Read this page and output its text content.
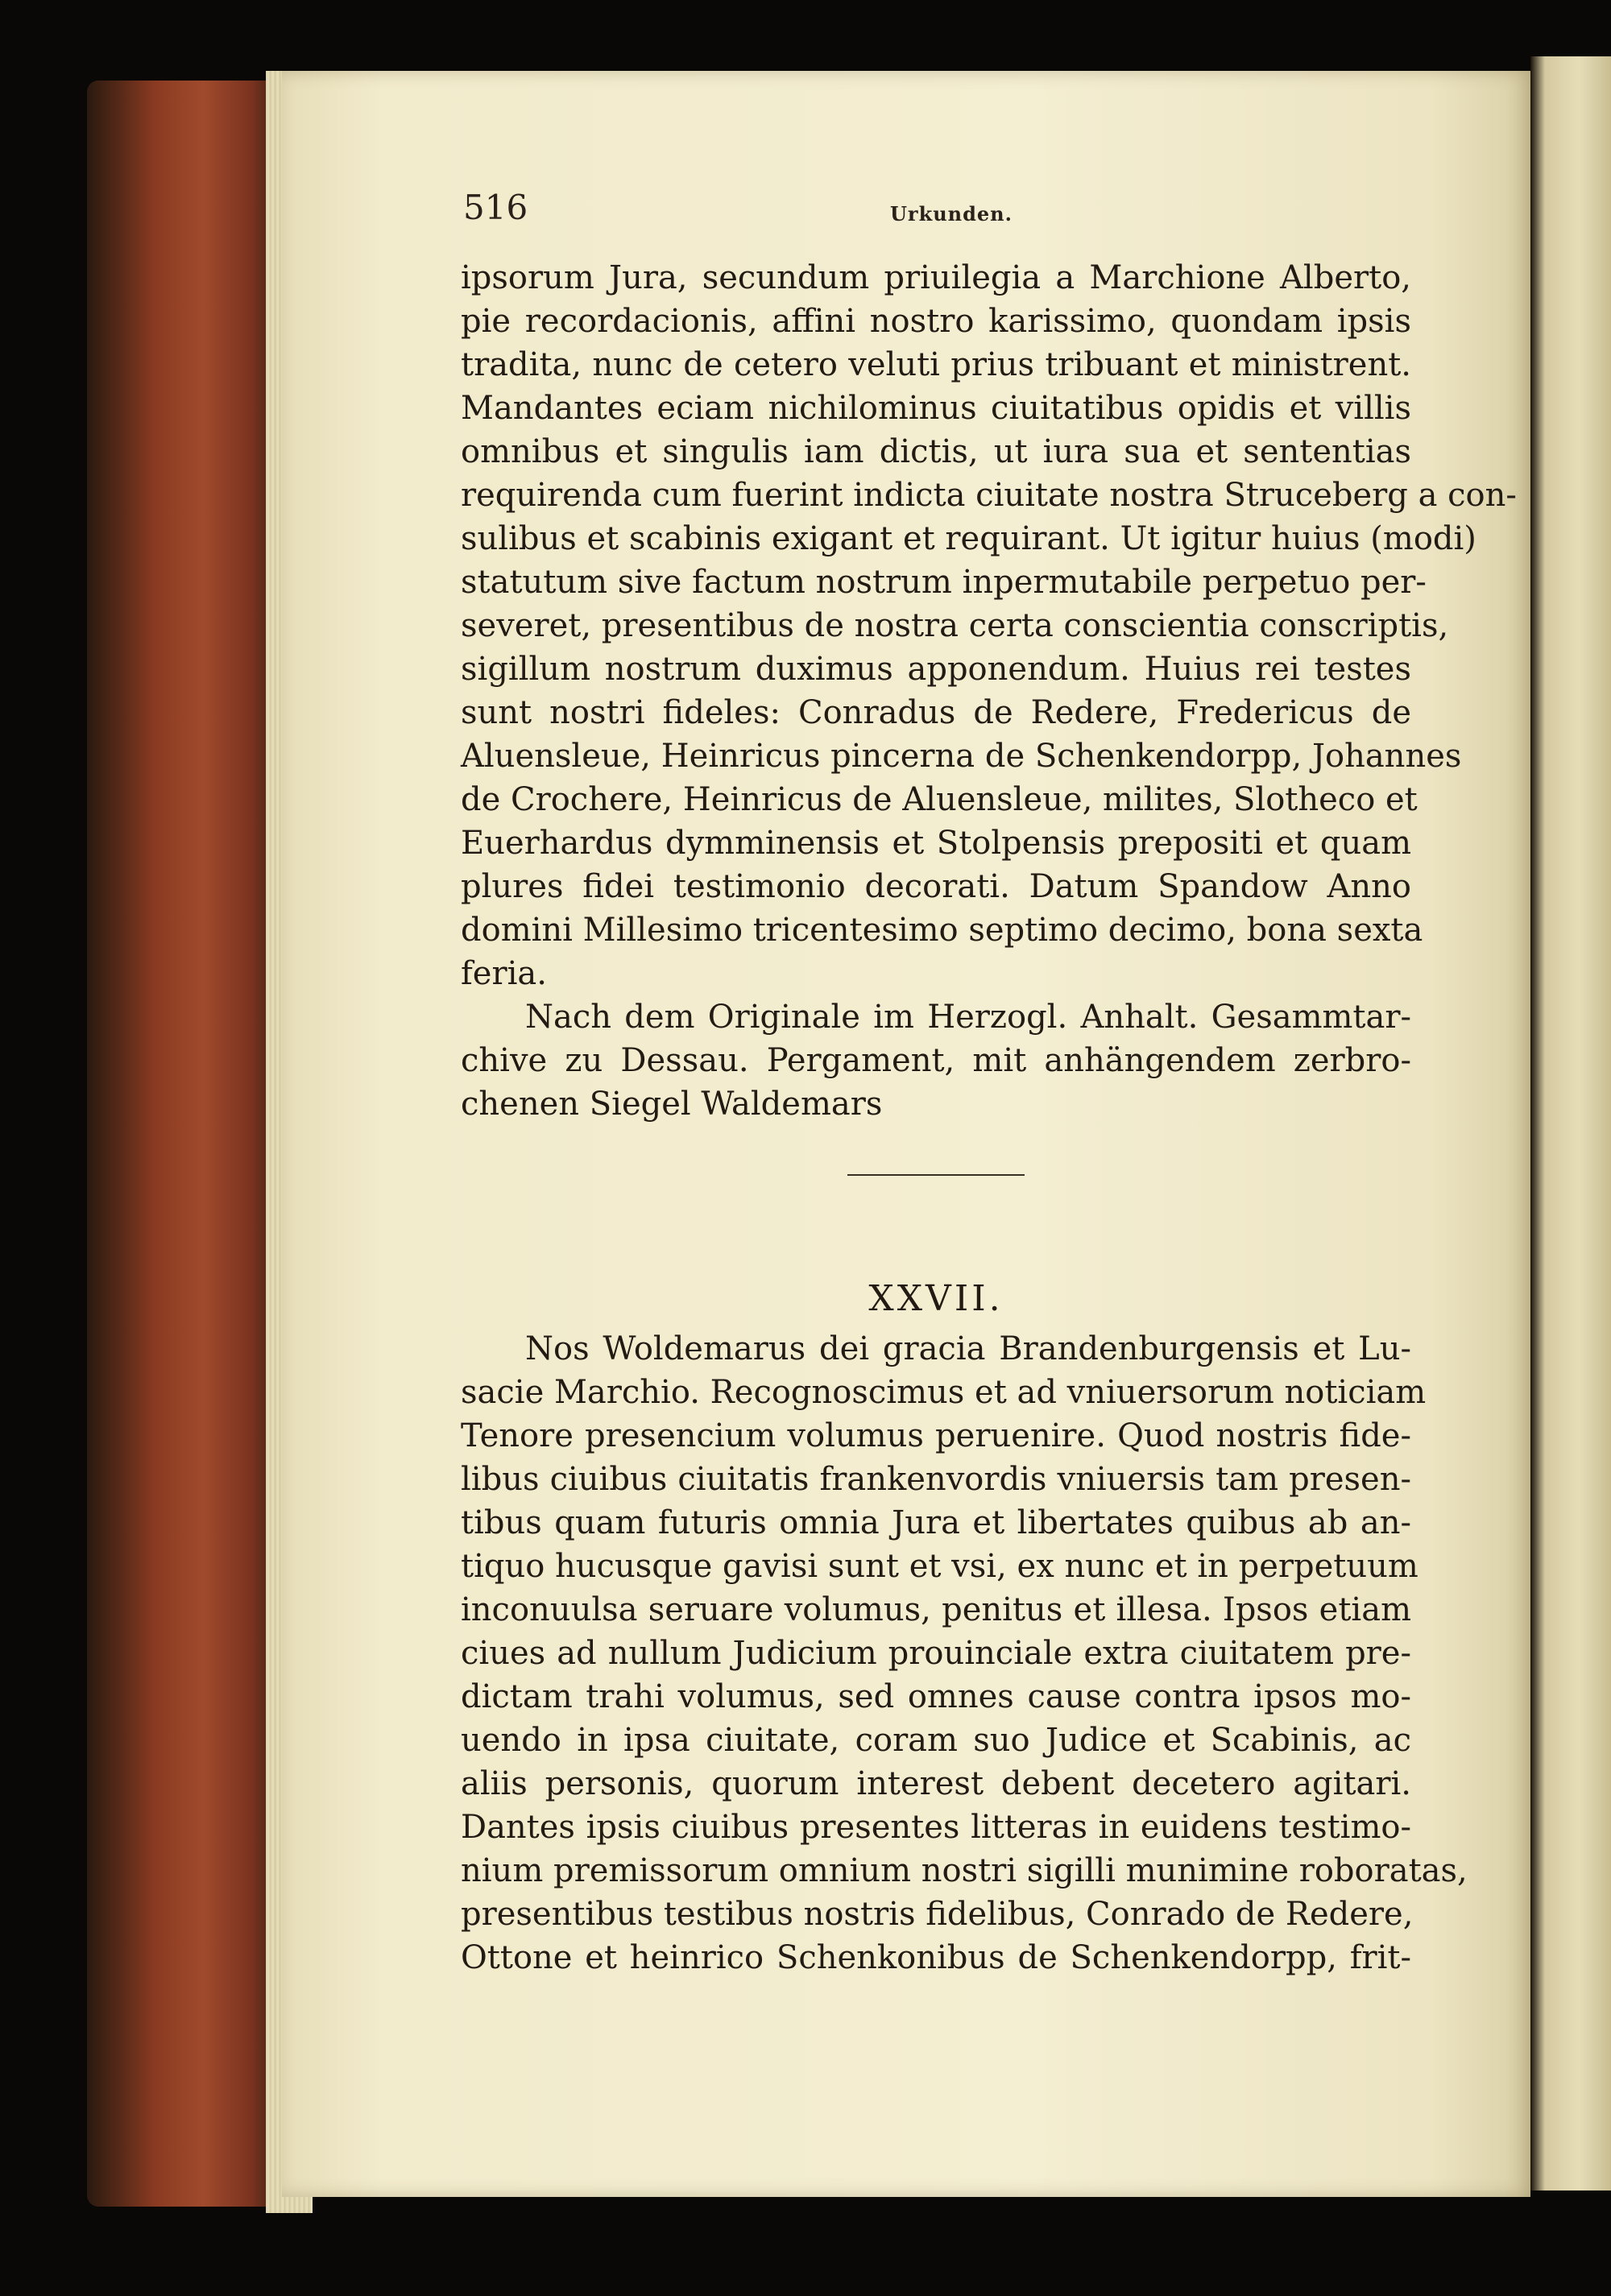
516	Urkunden.
ipsorum Jura, secundum priuilegia a Marchione Alberto,
pie recordacionis, affini nostro karissimo, quondam ipsis
tradita, nunc de cetero veluti prius tribuant et ministrent.
Mandantes eciam nichilominus ciuitatibus opidis et villis
omnibus et singulis iam dictis, ut iura sua et sententias
requirenda cum fuerint indicta ciuitate nostra Struceberg a con-
sulibus et scabinis exigant et requirant. Ut igitur huius (modi)
statutum sive factum nostrum inpermutabile perpetuo per-
severet, presentibus de nostra certa conscientia conscriptis,
sigillum nostrum duximus apponendum. Huius rei testes
sunt nostri fideles: Conradus de Redere, Fredericus de
Aluensleue, Heinricus pincerna de Schenkendorpp, Johannes
de Crochere, Heinricus de Aluensleue, milites, Slotheco et
Euerhardus dymminensis et Stolpensis prepositi et quam
plures fidei testimonio decorati. Datum Spandow Anno
domini Millesimo tricentesimo septimo decimo, bona sexta
feria.
Nach dem Originale im Herzogl. Anhalt. Gesammtar-
chive zu Dessau. Pergament, mit anhängendem zerbro-
chenen Siegel Waldemars
XXVII.
Nos Woldemarus dei gracia Brandenburgensis et Lu-
sacie Marchio. Recognoscimus et ad vniuersorum noticiam
Tenore presencium volumus peruenire. Quod nostris fide-
libus ciuibus ciuitatis frankenvordis vniuersis tam presen-
tibus quam futuris omnia Jura et libertates quibus ab an-
tiquo hucusque gavisi sunt et vsi, ex nunc et in perpetuum
inconuulsa seruare volumus, penitus et illesa. Ipsos etiam
ciues ad nullum Judicium prouinciale extra ciuitatem pre-
dictam trahi volumus, sed omnes cause contra ipsos mo-
uendo in ipsa ciuitate, coram suo Judice et Scabinis, ac
aliis personis, quorum interest debent decetero agitari.
Dantes ipsis ciuibus presentes litteras in euidens testimo-
nium premissorum omnium nostri sigilli munimine roboratas,
presentibus testibus nostris fidelibus, Conrado de Redere,
Ottone et heinrico Schenkonibus de Schenkendorpp, frit-
